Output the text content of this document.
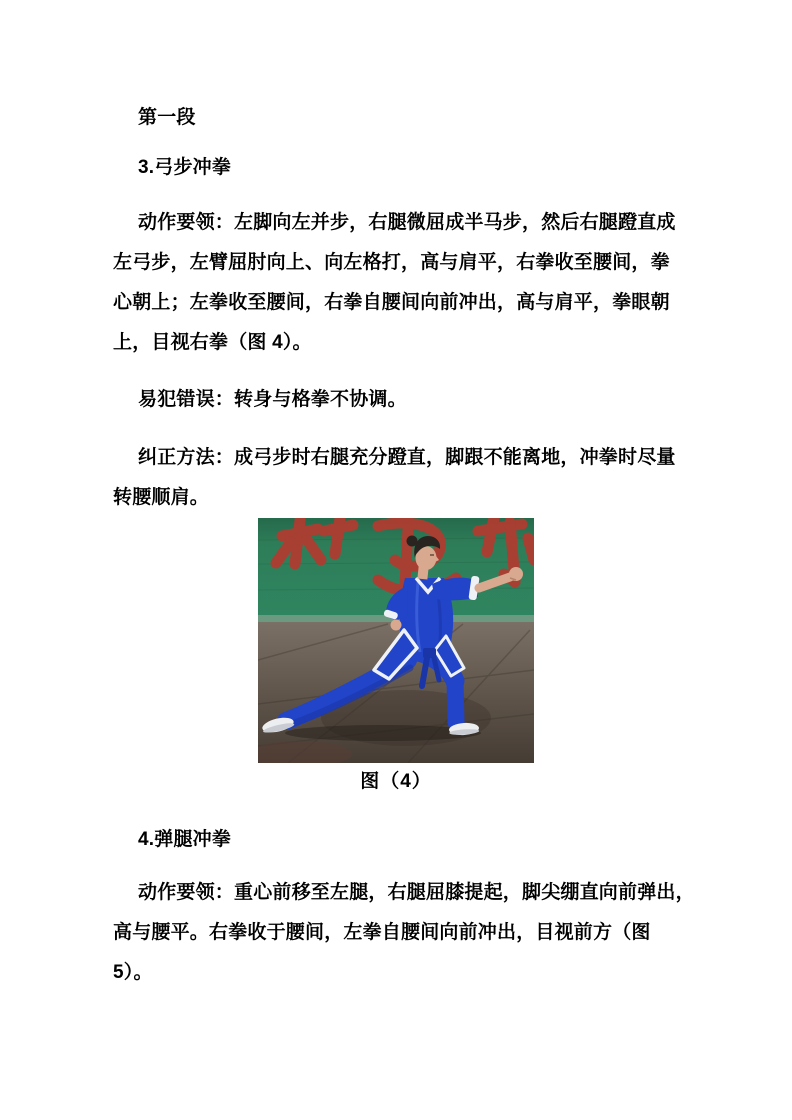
第一段
3.弓步冲拳
动作要领：左脚向左并步，右腿微屈成半马步，然后右腿蹬直成
左弓步，左臂屈肘向上、向左格打，高与肩平，右拳收至腰间，拳
心朝上；左拳收至腰间，右拳自腰间向前冲出，高与肩平，拳眼朝
上，目视右拳（图 4）。
易犯错误：转身与格拳不协调。
纠正方法：成弓步时右腿充分蹬直，脚跟不能离地，冲拳时尽量
转腰顺肩。
图（4）
4.弹腿冲拳
动作要领：重心前移至左腿，右腿屈膝提起，脚尖绷直向前弹出，
高与腰平。右拳收于腰间，左拳自腰间向前冲出，目视前方（图
5）。
